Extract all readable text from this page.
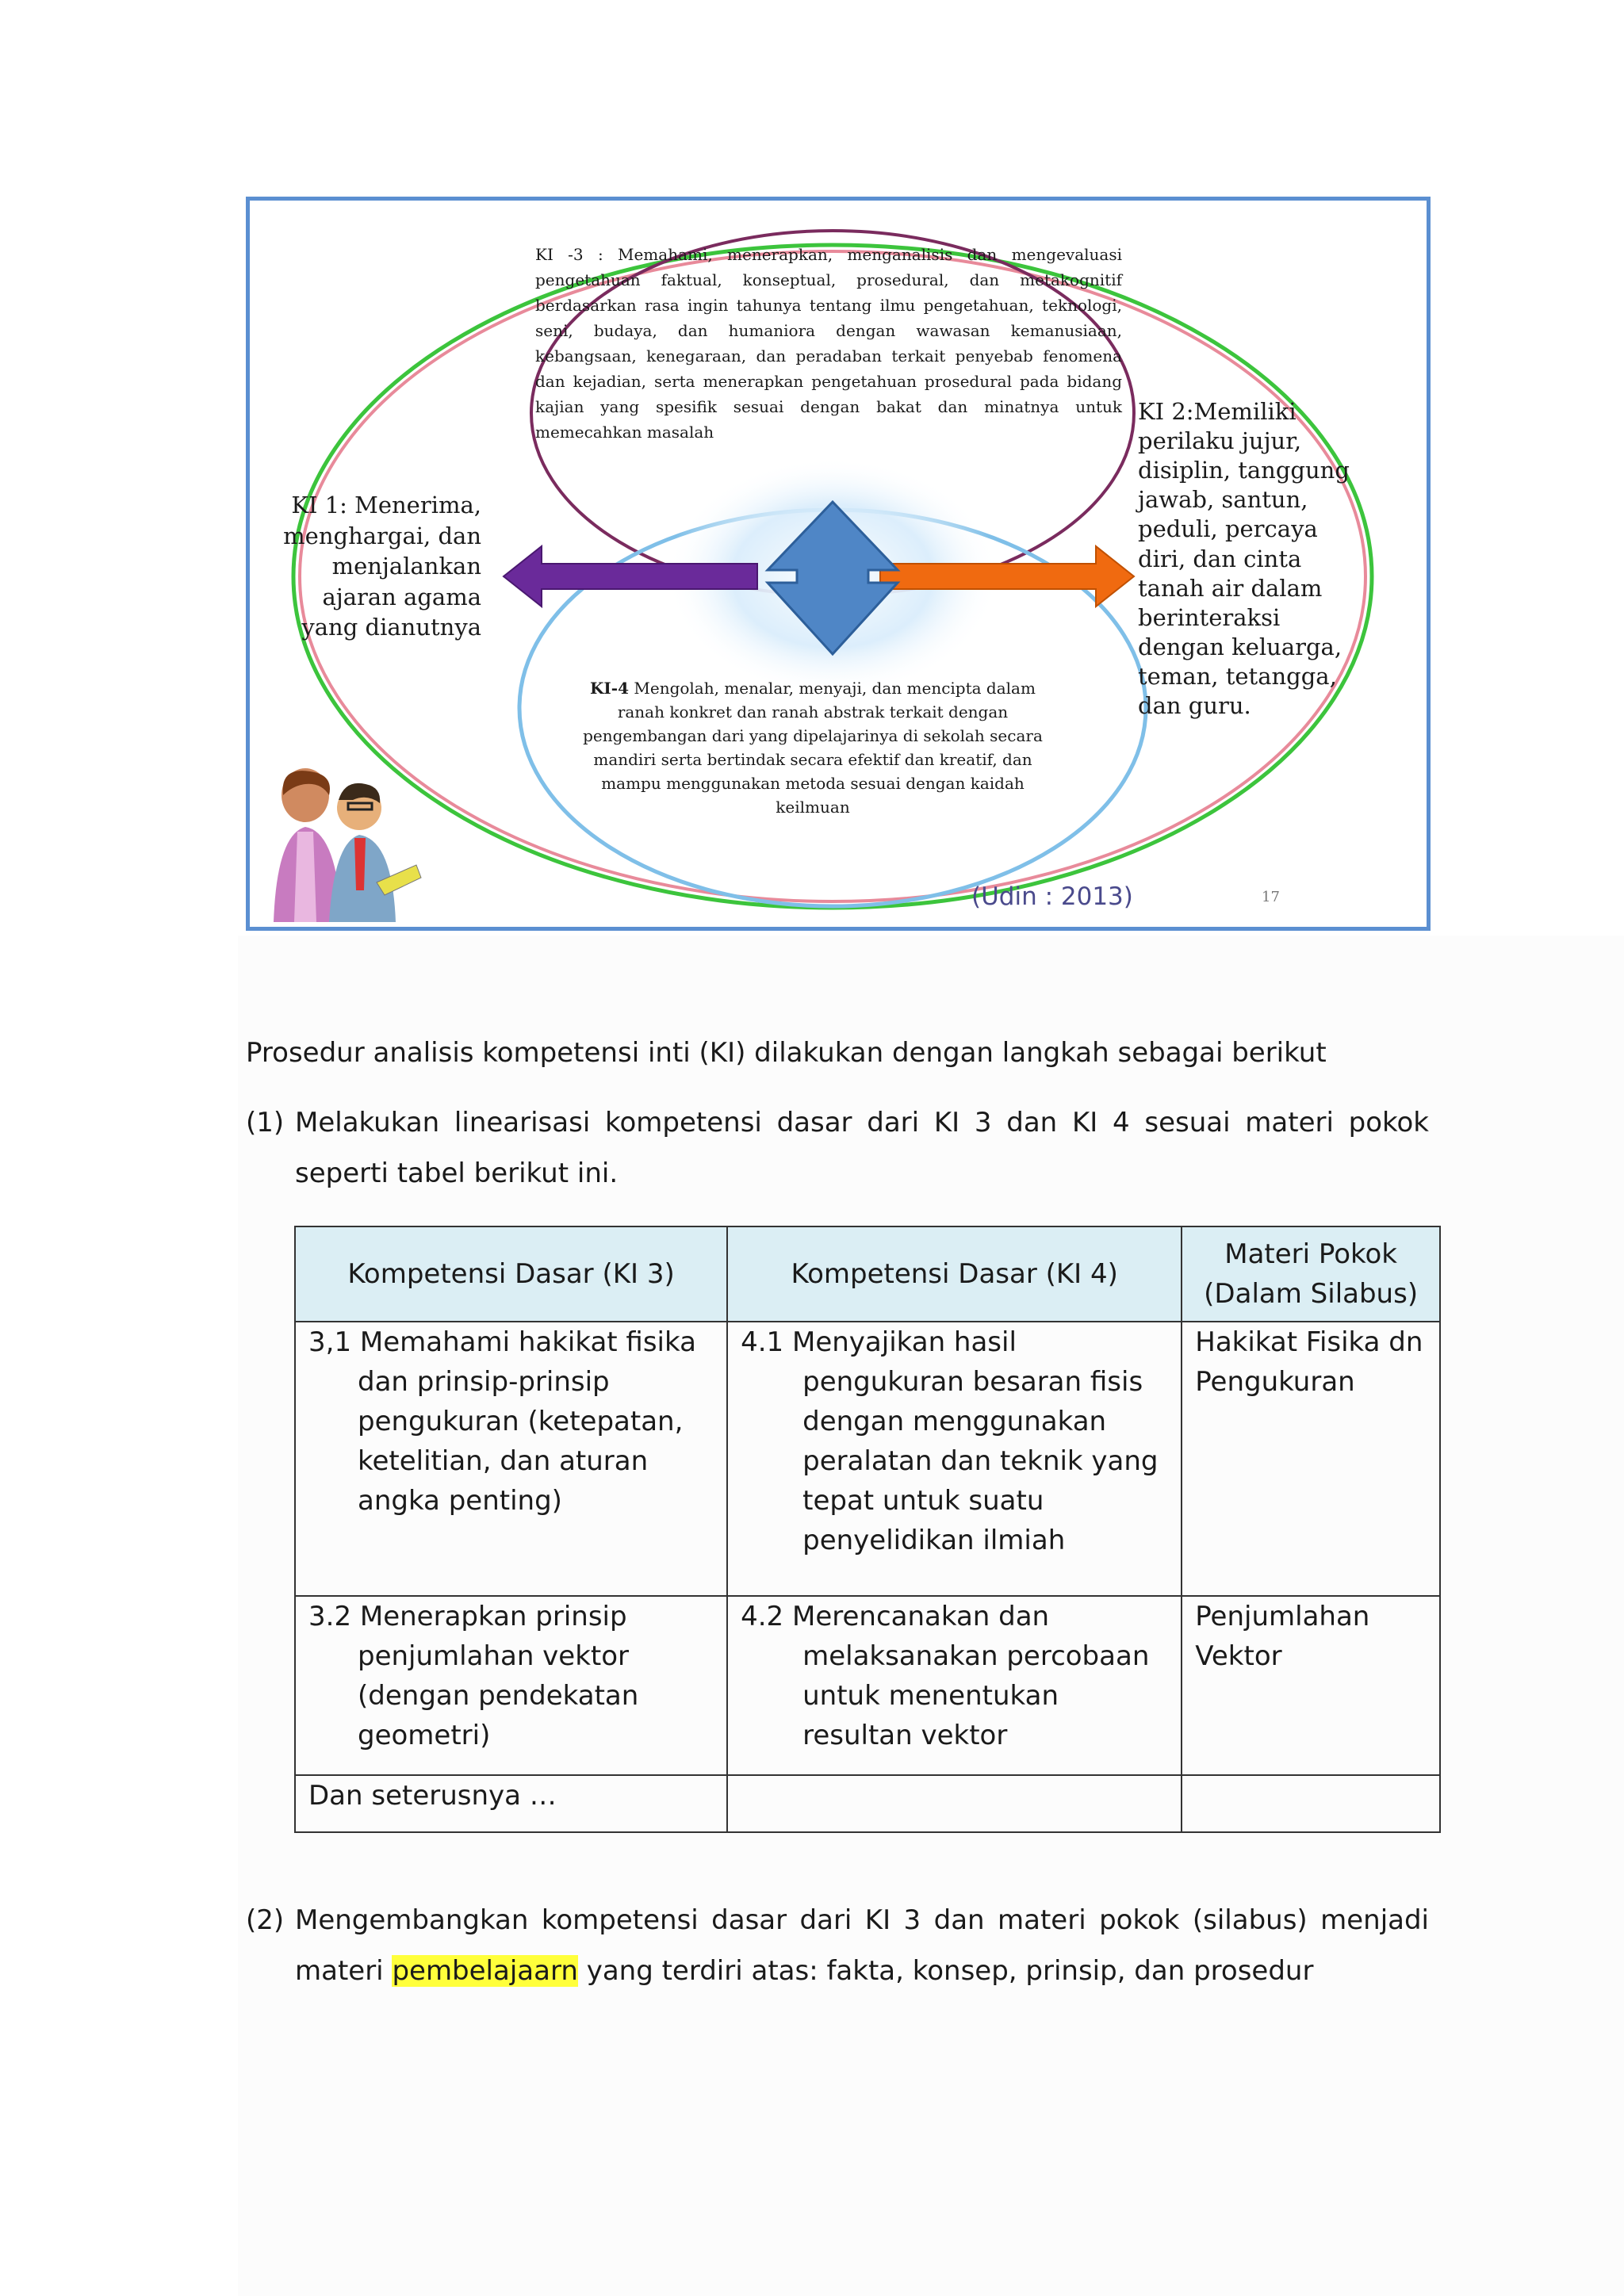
KI -3 : Memahami, menerapkan, menganalisis dan mengevaluasi pengetahuan faktual, konseptual, prosedural, dan metakognitif berdasarkan rasa ingin tahunya tentang ilmu pengetahuan, teknologi, seni, budaya, dan humaniora dengan wawasan kemanusiaan, kebangsaan, kenegaraan, dan peradaban terkait penyebab fenomena dan kejadian, serta menerapkan pengetahuan prosedural pada bidang kajian yang spesifik sesuai dengan bakat dan minatnya untuk memecahkan masalah
KI-4 Mengolah, menalar, menyaji, dan mencipta dalam ranah konkret dan ranah abstrak terkait dengan pengembangan dari yang dipelajarinya di sekolah secara mandiri serta bertindak secara efektif dan kreatif, dan mampu menggunakan metoda sesuai dengan kaidah keilmuan
KI 1: Menerima, menghargai, dan menjalankan ajaran agama yang dianutnya
KI 2:Memiliki perilaku jujur, disiplin, tanggung jawab, santun, peduli, percaya diri, dan cinta tanah air dalam berinteraksi dengan keluarga, teman, tetangga, dan guru.
(Udin : 2013)	17
Prosedur analisis kompetensi inti (KI) dilakukan dengan langkah sebagai berikut
(1) Melakukan linearisasi kompetensi dasar dari KI 3 dan KI 4 sesuai materi pokok seperti tabel berikut ini.
Kompetensi Dasar (KI 3)	Kompetensi Dasar (KI 4)	Materi Pokok (Dalam Silabus)

3,1 Memahami hakikat fisika dan prinsip-prinsip pengukuran (ketepatan, ketelitian, dan aturan angka penting)	4.1 Menyajikan hasil pengukuran besaran fisis dengan menggunakan peralatan dan teknik yang tepat untuk suatu penyelidikan ilmiah	Hakikat Fisika dn Pengukuran

3.2 Menerapkan prinsip penjumlahan vektor (dengan pendekatan geometri)	4.2 Merencanakan dan melaksanakan percobaan untuk menentukan resultan vektor	Penjumlahan Vektor

Dan seterusnya …		

(2) Mengembangkan kompetensi dasar dari KI 3 dan materi pokok (silabus) menjadi materi pembelajaarn yang terdiri atas: fakta, konsep, prinsip, dan prosedur
